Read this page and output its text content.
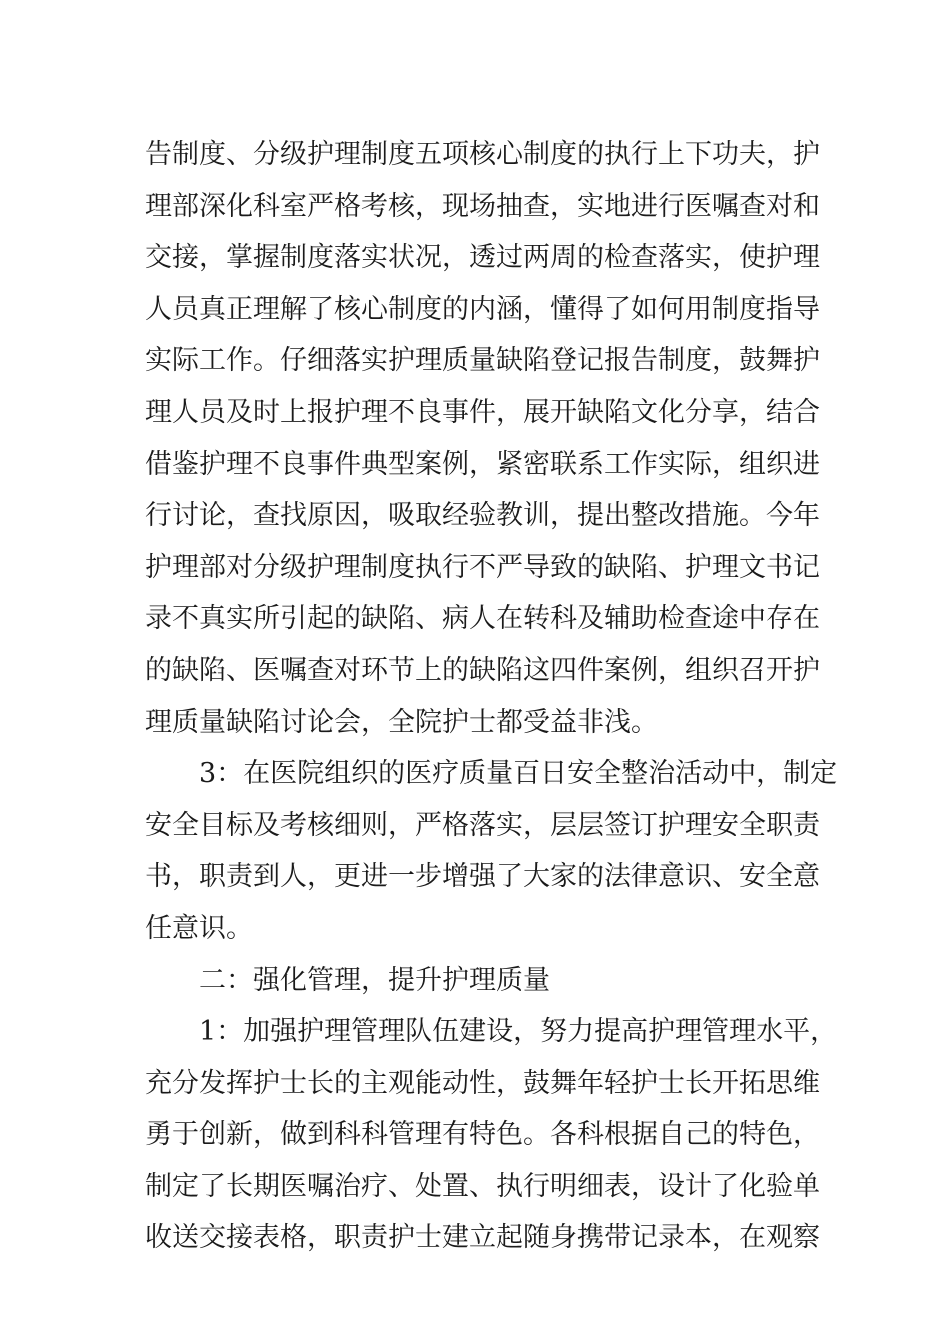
告制度、分级护理制度五项核心制度的执行上下功夫，护
理部深化科室严格考核，现场抽查，实地进行医嘱查对和
交接，掌握制度落实状况，透过两周的检查落实，使护理
人员真正理解了核心制度的内涵，懂得了如何用制度指导
实际工作。仔细落实护理质量缺陷登记报告制度，鼓舞护
理人员及时上报护理不良事件，展开缺陷文化分享，结合
借鉴护理不良事件典型案例，紧密联系工作实际，组织进
行讨论，查找原因，吸取经验教训，提出整改措施。今年
护理部对分级护理制度执行不严导致的缺陷、护理文书记
录不真实所引起的缺陷、病人在转科及辅助检查途中存在
的缺陷、医嘱查对环节上的缺陷这四件案例，组织召开护
理质量缺陷讨论会，全院护士都受益非浅。
3：在医院组织的医疗质量百日安全整治活动中，制定
安全目标及考核细则，严格落实，层层签订护理安全职责
书，职责到人，更进一步增强了大家的法律意识、安全意
任意识。
二：强化管理，提升护理质量
1：加强护理管理队伍建设，努力提高护理管理水平，
充分发挥护士长的主观能动性，鼓舞年轻护士长开拓思维
勇于创新，做到科科管理有特色。各科根据自己的特色，
制定了长期医嘱治疗、处置、执行明细表，设计了化验单
收送交接表格，职责护士建立起随身携带记录本，在观察
